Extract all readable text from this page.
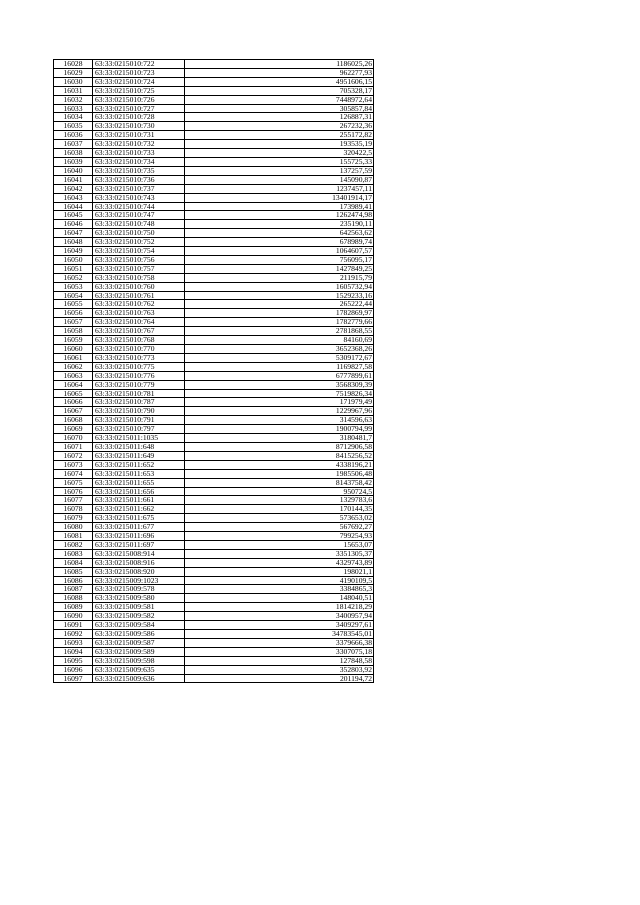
16028	63:33:0215010:722	1186025,26
16029	63:33:0215010:723	962277,93
16030	63:33:0215010:724	4951606,15
16031	63:33:0215010:725	705328,17
16032	63:33:0215010:726	7448972,64
16033	63:33:0215010:727	305857,84
16034	63:33:0215010:728	126887,31
16035	63:33:0215010:730	267232,36
16036	63:33:0215010:731	255172,82
16037	63:33:0215010:732	193535,19
16038	63:33:0215010:733	320422,5
16039	63:33:0215010:734	155725,33
16040	63:33:0215010:735	137257,59
16041	63:33:0215010:736	145090,87
16042	63:33:0215010:737	1237457,11
16043	63:33:0215010:743	13401914,17
16044	63:33:0215010:744	173989,41
16045	63:33:0215010:747	1262474,98
16046	63:33:0215010:748	235190,11
16047	63:33:0215010:750	642563,62
16048	63:33:0215010:752	678989,74
16049	63:33:0215010:754	1064607,57
16050	63:33:0215010:756	756095,17
16051	63:33:0215010:757	1427849,25
16052	63:33:0215010:758	211915,79
16053	63:33:0215010:760	1605732,94
16054	63:33:0215010:761	1529233,16
16055	63:33:0215010:762	265222,44
16056	63:33:0215010:763	1782869,97
16057	63:33:0215010:764	1782779,66
16058	63:33:0215010:767	2781868,55
16059	63:33:0215010:768	84160,69
16060	63:33:0215010:770	3652368,26
16061	63:33:0215010:773	5309172,67
16062	63:33:0215010:775	1169827,58
16063	63:33:0215010:776	6777899,61
16064	63:33:0215010:779	3568309,39
16065	63:33:0215010:781	7519826,34
16066	63:33:0215010:787	171979,49
16067	63:33:0215010:790	1229967,96
16068	63:33:0215010:791	314596,63
16069	63:33:0215010:797	1900794,99
16070	63:33:0215011:1035	3180481,7
16071	63:33:0215011:648	8712906,58
16072	63:33:0215011:649	8415256,52
16073	63:33:0215011:652	4338196,21
16074	63:33:0215011:653	1985506,48
16075	63:33:0215011:655	8143758,42
16076	63:33:0215011:656	950724,5
16077	63:33:0215011:661	1329783,6
16078	63:33:0215011:662	170144,35
16079	63:33:0215011:675	573653,02
16080	63:33:0215011:677	567692,27
16081	63:33:0215011:696	799254,93
16082	63:33:0215011:697	15653,07
16083	63:33:0215008:914	3351305,37
16084	63:33:0215008:916	4329743,89
16085	63:33:0215008:920	198021,1
16086	63:33:0215009:1023	4190109,5
16087	63:33:0215009:578	3384865,3
16088	63:33:0215009:580	148040,51
16089	63:33:0215009:581	1814218,29
16090	63:33:0215009:582	3400957,94
16091	63:33:0215009:584	3409297,61
16092	63:33:0215009:586	34783545,01
16093	63:33:0215009:587	3379666,38
16094	63:33:0215009:589	3307075,18
16095	63:33:0215009:598	127848,58
16096	63:33:0215009:635	352803,92
16097	63:33:0215009:636	201194,72
